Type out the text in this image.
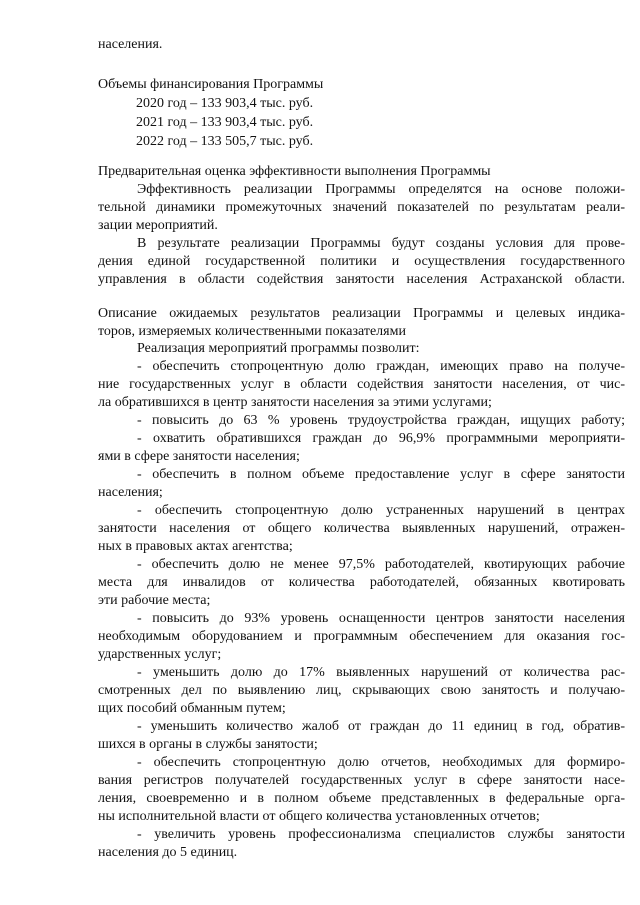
населения.
Объемы финансирования Программы
2020 год – 133 903,4 тыс. руб.
2021 год – 133 903,4 тыс. руб.
2022 год – 133 505,7 тыс. руб.
Предварительная оценка эффективности выполнения Программы
Эффективность реализации Программы определятся на основе положи-
тельной динамики промежуточных значений показателей по результатам реали-
зации мероприятий.
В результате реализации Программы будут созданы условия для прове-
дения единой государственной политики и осуществления государственного
управления в области содействия занятости населения Астраханской области.
Описание ожидаемых результатов реализации Программы и целевых индика-
торов, измеряемых количественными показателями
Реализация мероприятий программы позволит:
- обеспечить стопроцентную долю граждан, имеющих право на получе-
ние государственных услуг в области содействия занятости населения, от чис-
ла обратившихся в центр занятости населения за этими услугами;
- повысить до 63 % уровень трудоустройства граждан, ищущих работу;
- охватить обратившихся граждан до 96,9% программными мероприяти-
ями в сфере занятости населения;
- обеспечить в полном объеме предоставление услуг в сфере занятости
населения;
- обеспечить стопроцентную долю устраненных нарушений в центрах
занятости населения от общего количества выявленных нарушений, отражен-
ных в правовых актах агентства;
- обеспечить долю не менее 97,5% работодателей, квотирующих рабочие
места для инвалидов от количества работодателей, обязанных квотировать
эти рабочие места;
- повысить до 93% уровень оснащенности центров занятости населения
необходимым оборудованием и программным обеспечением для оказания гос-
ударственных услуг;
- уменьшить долю до 17% выявленных нарушений от количества рас-
смотренных дел по выявлению лиц, скрывающих свою занятость и получаю-
щих пособий обманным путем;
- уменьшить количество жалоб от граждан до 11 единиц в год, обратив-
шихся в органы в службы занятости;
- обеспечить стопроцентную долю отчетов, необходимых для формиро-
вания регистров получателей государственных услуг в сфере занятости насе-
ления, своевременно и в полном объеме представленных в федеральные орга-
ны исполнительной власти от общего количества установленных отчетов;
- увеличить уровень профессионализма специалистов службы занятости
населения до 5 единиц.
